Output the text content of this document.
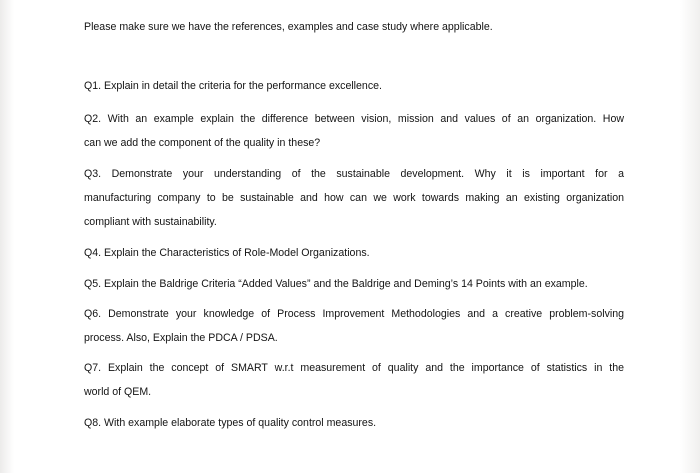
Please make sure we have the references, examples and case study where applicable.

Q1. Explain in detail the criteria for the performance excellence.

Q2. With an example explain the difference between vision, mission and values of an organization. How
can we add the component of the quality in these?

Q3. Demonstrate your understanding of the sustainable development. Why it is important for a
manufacturing company to be sustainable and how can we work towards making an existing organization
compliant with sustainability.

Q4. Explain the Characteristics of Role-Model Organizations.

Q5. Explain the Baldrige Criteria “Added Values” and the Baldrige and Deming’s 14 Points with an example.

Q6. Demonstrate your knowledge of Process Improvement Methodologies and a creative problem-solving
process. Also, Explain the PDCA / PDSA.

Q7. Explain the concept of SMART w.r.t measurement of quality and the importance of statistics in the
world of QEM.

Q8. With example elaborate types of quality control measures.
